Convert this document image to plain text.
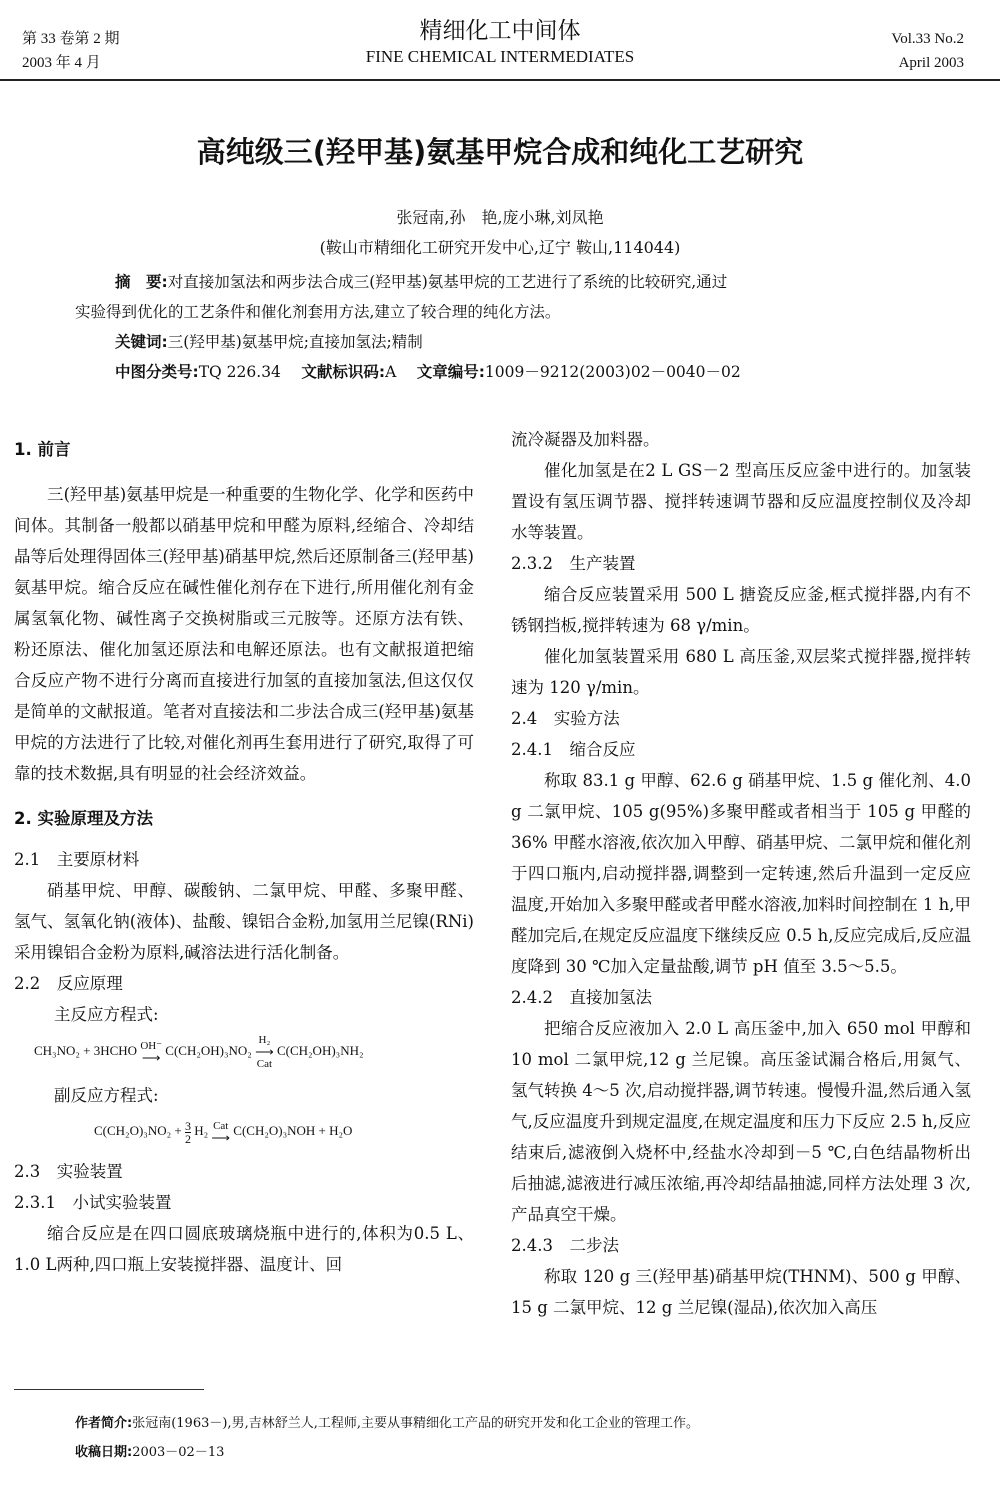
第 33 卷第 2 期
2003 年 4 月
精细化工中间体
FINE CHEMICAL INTERMEDIATES
Vol.33 No.2
April 2003
高纯级三(羟甲基)氨基甲烷合成和纯化工艺研究
张冠南,孙　艳,庞小琳,刘凤艳
(鞍山市精细化工研究开发中心,辽宁 鞍山,114044)

摘　要:对直接加氢法和两步法合成三(羟甲基)氨基甲烷的工艺进行了系统的比较研究,通过

实验得到优化的工艺条件和催化剂套用方法,建立了较合理的纯化方法。

关键词:三(羟甲基)氨基甲烷;直接加氢法;精制

中图分类号:TQ 226.34　 文献标识码:A　 文章编号:1009－9212(2003)02－0040－02

1. 前言

三(羟甲基)氨基甲烷是一种重要的生物化学、化学和医药中间体。其制备一般都以硝基甲烷和甲醛为原料,经缩合、冷却结晶等后处理得固体三(羟甲基)硝基甲烷,然后还原制备三(羟甲基)氨基甲烷。缩合反应在碱性催化剂存在下进行,所用催化剂有金属氢氧化物、碱性离子交换树脂或三元胺等。还原方法有铁、粉还原法、催化加氢还原法和电解还原法。也有文献报道把缩合反应产物不进行分离而直接进行加氢的直接加氢法,但这仅仅是简单的文献报道。笔者对直接法和二步法合成三(羟甲基)氨基甲烷的方法进行了比较,对催化剂再生套用进行了研究,取得了可靠的技术数据,具有明显的社会经济效益。

2. 实验原理及方法
2.1　主要原材料

硝基甲烷、甲醇、碳酸钠、二氯甲烷、甲醛、多聚甲醛、氢气、氢氧化钠(液体)、盐酸、镍铝合金粉,加氢用兰尼镍(RNi)采用镍铝合金粉为原料,碱溶法进行活化制备。

2.2　反应原理
主反应方程式:
CH₃NO₂ + 3HCHO OH⁻
⟶ C(CH₂OH)₃NO₂
H₂
⟶
Cat
C(CH₂OH)₃NH₂
副反应方程式:
$C(CH_2O)_3NO_2 + \frac{3}{2} H_2$ Cat
⟶ C(CH₂O)₃NOH + H₂O
2.3　实验装置
2.3.1　小试实验装置

缩合反应是在四口圆底玻璃烧瓶中进行的,体积为0.5 L、1.0 L两种,四口瓶上安装搅拌器、温度计、回

流冷凝器及加料器。

催化加氢是在2 L GS－2 型高压反应釜中进行的。加氢装置设有氢压调节器、搅拌转速调节器和反应温度控制仪及冷却水等装置。

2.3.2　生产装置

缩合反应装置采用 500 L 搪瓷反应釜,框式搅拌器,内有不锈钢挡板,搅拌转速为 68 γ/min。

催化加氢装置采用 680 L 高压釜,双层桨式搅拌器,搅拌转速为 120 γ/min。

2.4　实验方法
2.4.1　缩合反应

称取 83.1 g 甲醇、62.6 g 硝基甲烷、1.5 g 催化剂、4.0 g 二氯甲烷、105 g(95%)多聚甲醛或者相当于 105 g 甲醛的 36% 甲醛水溶液,依次加入甲醇、硝基甲烷、二氯甲烷和催化剂于四口瓶内,启动搅拌器,调整到一定转速,然后升温到一定反应温度,开始加入多聚甲醛或者甲醛水溶液,加料时间控制在 1 h,甲醛加完后,在规定反应温度下继续反应 0.5 h,反应完成后,反应温度降到 30 ℃加入定量盐酸,调节 pH 值至 3.5～5.5。

2.4.2　直接加氢法

把缩合反应液加入 2.0 L 高压釜中,加入 650 mol 甲醇和 10 mol 二氯甲烷,12 g 兰尼镍。高压釜试漏合格后,用氮气、氢气转换 4～5 次,启动搅拌器,调节转速。慢慢升温,然后通入氢气,反应温度升到规定温度,在规定温度和压力下反应 2.5 h,反应结束后,滤液倒入烧杯中,经盐水冷却到－5 ℃,白色结晶物析出后抽滤,滤液进行减压浓缩,再冷却结晶抽滤,同样方法处理 3 次,产品真空干燥。

2.4.3　二步法

称取 120 g 三(羟甲基)硝基甲烷(THNM)、500 g 甲醇、15 g 二氯甲烷、12 g 兰尼镍(湿品),依次加入高压

作者简介:张冠南(1963－),男,吉林舒兰人,工程师,主要从事精细化工产品的研究开发和化工企业的管理工作。
收稿日期:2003－02－13
